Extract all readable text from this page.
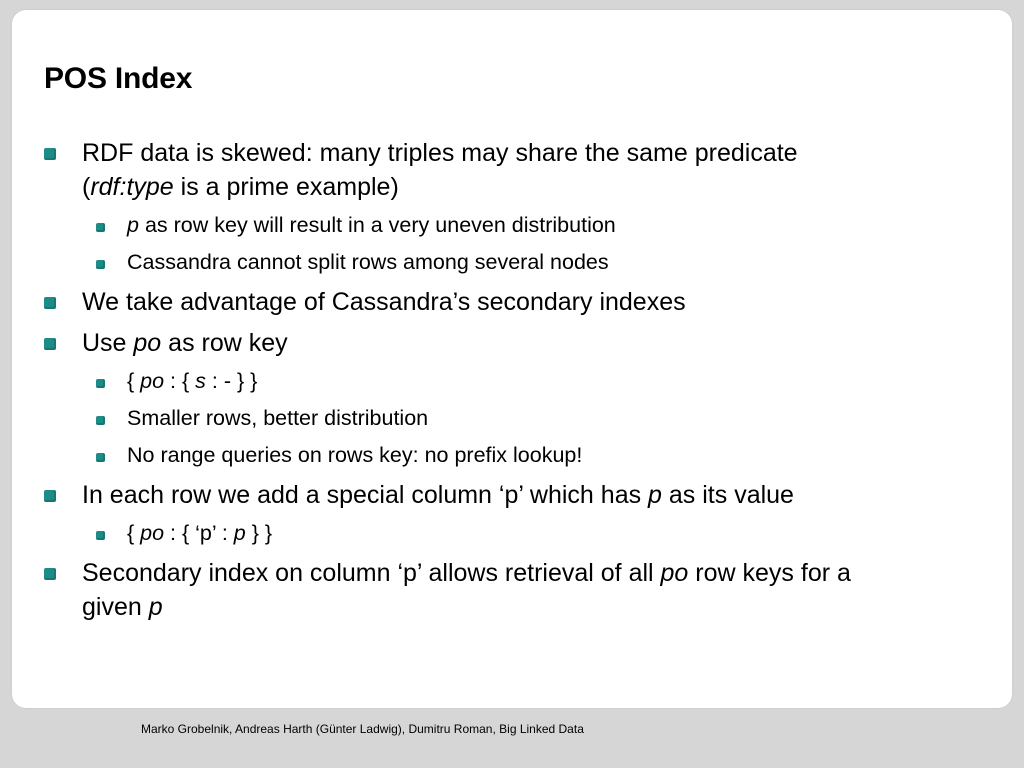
POS Index
RDF data is skewed: many triples may share the same predicate
(rdf:type is a prime example)
p as row key will result in a very uneven distribution
Cassandra cannot split rows among several nodes
We take advantage of Cassandra’s secondary indexes
Use po as row key
{ po : { s : - } }
Smaller rows, better distribution
No range queries on rows key: no prefix lookup!
In each row we add a special column ‘p’ which has p as its value
{ po : { ‘p’ : p } }
Secondary index on column ‘p’ allows retrieval of all po row keys for a
given p
Marko Grobelnik, Andreas Harth (Günter Ladwig), Dumitru Roman, Big Linked Data
